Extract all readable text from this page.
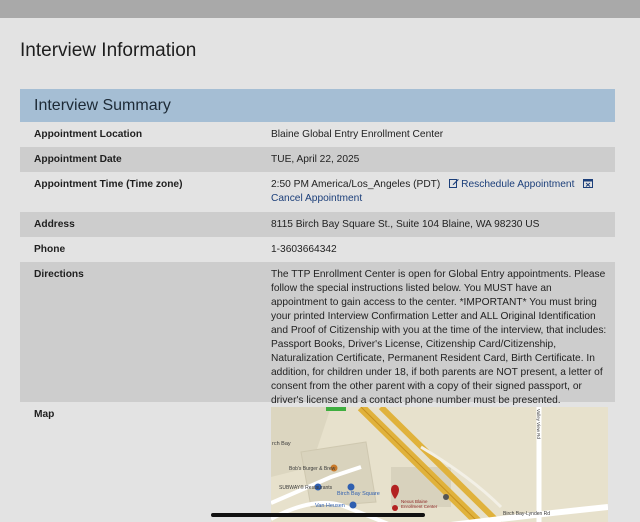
Interview Information
Interview Summary
Appointment Location	Blaine Global Entry Enrollment Center
Appointment Date	TUE, April 22, 2025
Appointment Time (Time zone)	2:50 PM America/Los_Angeles (PDT) Reschedule Appointment Cancel Appointment
Address	8115 Birch Bay Square St., Suite 104 Blaine, WA 98230 US
Phone	1-3603664342
Directions	The TTP Enrollment Center is open for Global Entry appointments. Please follow the special instructions listed below. You MUST have an appointment to gain access to the center. *IMPORTANT* You must bring your printed Interview Confirmation Letter and ALL Original Identification and Proof of Citizenship with you at the time of the interview, that includes: Passport Books, Driver's License, Citizenship Card/Citizenship, Naturalization Certificate, Permanent Resident Card, Birth Certificate. In addition, for children under 18, if both parents are NOT present, a letter of consent from the other parent with a copy of their signed passport, or driver's license and a contact phone number must be presented.
Map
rch Bay
Bob's Burger & Brew
SUBWAY® Restaurants
Birch Bay Square
Van Heusen
Nexus Blaine
Enrollment Center
Birch Bay-Lynden Rd
Valley View Rd
